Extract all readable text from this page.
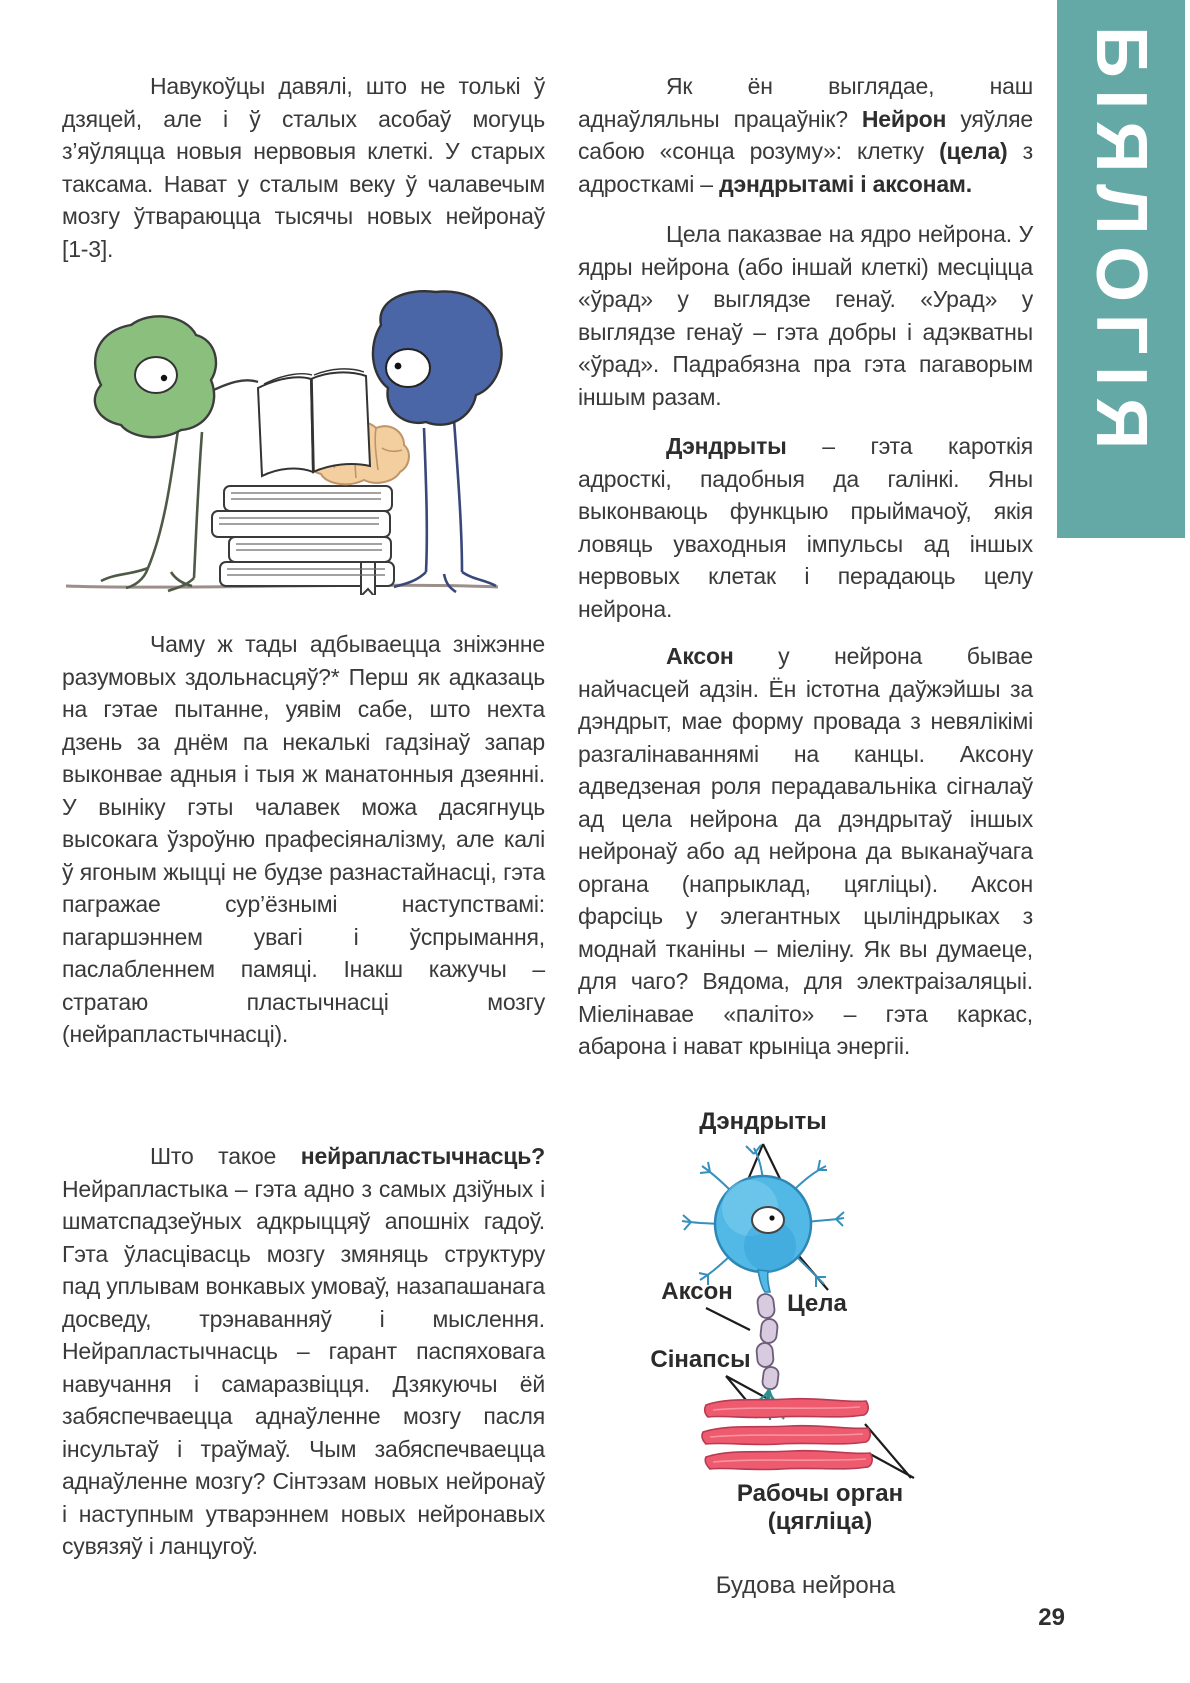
БІЯЛОГІЯ
Навукоўцы давялі, што не толькі ў дзяцей, але і ў сталых асобаў могуць з’яўляцца новыя нервовыя клеткі. У старых таксама. Нават у сталым веку ў чалавечым мозгу ўтвараюцца тысячы новых нейронаў [1-3].
Чаму ж тады адбываецца зніжэнне разумовых здольнасцяў?* Перш як адказаць на гэтае пытанне, уявім сабе, што нехта дзень за днём па некалькі гадзінаў запар выконвае адныя і тыя ж манатонныя дзеянні. У выніку гэты чалавек можа дасягнуць высокага ўзроўню прафесіяналізму, але калі ў ягоным жыцці не будзе разнастайнасці, гэта пагражае сур’ёзнымі наступствамі: пагаршэннем увагі і ўспрымання, паслабленнем памяці. Інакш кажучы – стратаю пластычнасці мозгу (нейрапластычнасці).
Што такое нейрапластычнасць? Нейрапластыка – гэта адно з самых дзіўных і шматспадзеўных адкрыццяў апошніх гадоў. Гэта ўласцівасць мозгу змяняць структуру пад уплывам вонкавых умоваў, назапашанага досведу, трэнаванняў і мыслення. Нейрапластычнасць – гарант паспяховага навучання і самаразвіцця. Дзякуючы ёй забяспечваецца аднаўленне мозгу пасля інсультаў і траўмаў. Чым забяспечваецца аднаўленне мозгу? Сінтэзам новых нейронаў і наступным утварэннем новых нейронавых сувязяў і ланцугоў.
Як ён выглядае, наш аднаўляльны працаўнік? Нейрон уяўляе сабою «сонца розуму»: клетку (цела) з адросткамі – дэндрытамі і аксонам.
Цела паказвае на ядро нейрона. У ядры нейрона (або іншай клеткі) месціцца «ўрад» у выглядзе генаў. «Урад» у выглядзе генаў – гэта добры і адэкватны «ўрад». Падрабязна пра гэта пагаворым іншым разам.
Дэндрыты – гэта кароткія адросткі, падобныя да галінкі. Яны выконваюць функцыю прыймачоў, якія ловяць уваходныя імпульсы ад іншых нервовых клетак і перадаюць целу нейрона.
Аксон у нейрона бывае найчасцей адзін. Ён істотна даўжэйшы за дэндрыт, мае форму провада з невялікімі разгалінаваннямі на канцы. Аксону адведзеная роля перадавальніка сігналаў ад цела нейрона да дэндрытаў іншых нейронаў або ад нейрона да выканаўчага органа (напрыклад, цягліцы). Аксон фарсіць у элегантных цыліндрыках з моднай тканіны – міеліну. Як вы думаеце, для чаго? Вядома, для электраізаляцыі. Міелінавае «паліто» – гэта каркас, абарона і нават крыніца энергіі.
Дэндрыты
Аксон	Цела
Сінапсы
Рабочы орган
(цягліца)
Будова нейрона
29
